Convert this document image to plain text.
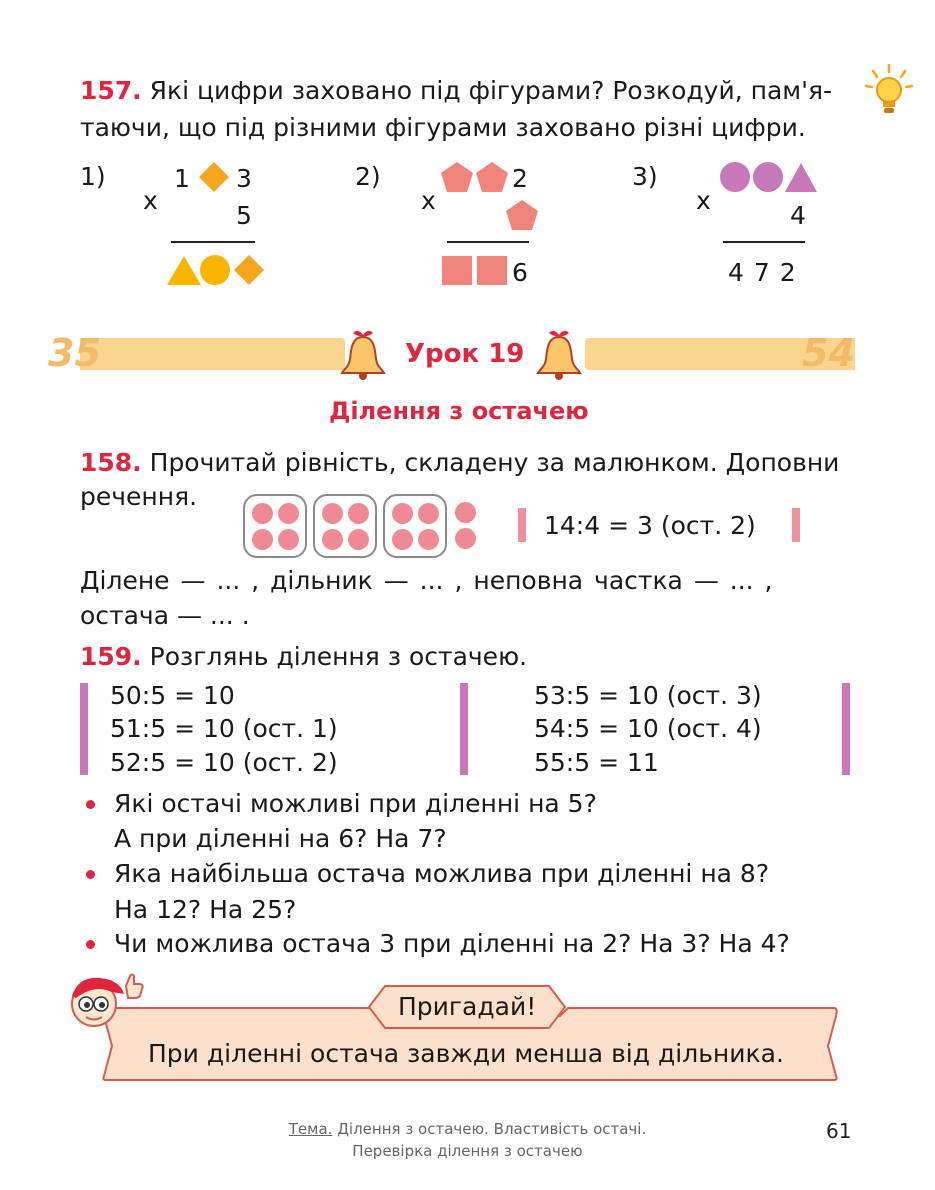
157. Які цифри заховано під фігурами? Розкодуй, пам'я-
таючи, що під різними фігурами заховано різні цифри.
1)
x
1 3
5
2)
x
2
6
3)
x
4
4 7 2
35	54
Урок 19
Ділення з остачею
158. Прочитай рівність, складену за малюнком. Доповни
речення.
14:4 = 3 (ост. 2)
Ділене — ... , дільник — ... , неповна частка — ... ,
остача — ... .
159. Розглянь ділення з остачею.
50:5 = 10
51:5 = 10 (ост. 1)
52:5 = 10 (ост. 2)
53:5 = 10 (ост. 3)
54:5 = 10 (ост. 4)
55:5 = 11
Які остачі можливі при діленні на 5?
А при діленні на 6? На 7?
Яка найбільша остача можлива при діленні на 8?
На 12? На 25?
Чи можлива остача 3 при діленні на 2? На 3? На 4?
Пригадай!
При діленні остача завжди менша від дільника.
Тема. Ділення з остачею. Властивість остачі.
Перевірка ділення з остачею
61
